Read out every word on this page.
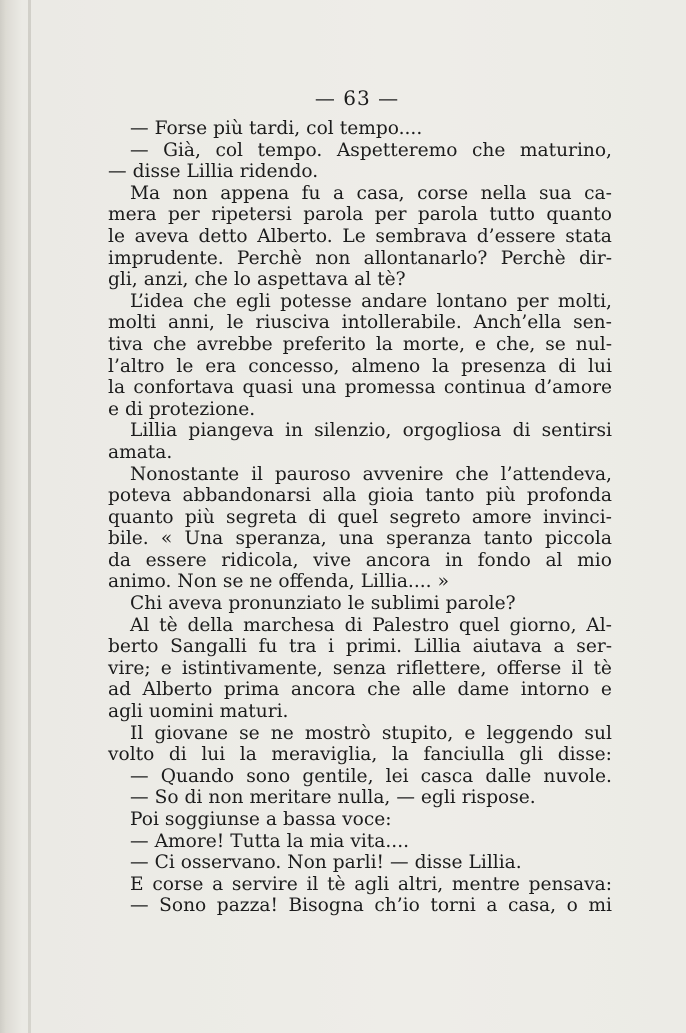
— 63 —
— Forse più tardi, col tempo....
— Già, col tempo. Aspetteremo che maturino,
— disse Lillia ridendo.
Ma non appena fu a casa, corse nella sua ca-
mera per ripetersi parola per parola tutto quanto
le aveva detto Alberto. Le sembrava d’essere stata
imprudente. Perchè non allontanarlo? Perchè dir-
gli, anzi, che lo aspettava al tè?
L’idea che egli potesse andare lontano per molti,
molti anni, le riusciva intollerabile. Anch’ella sen-
tiva che avrebbe preferito la morte, e che, se nul-
l’altro le era concesso, almeno la presenza di lui
la confortava quasi una promessa continua d’amore
e di protezione.
Lillia piangeva in silenzio, orgogliosa di sentirsi
amata.
Nonostante il pauroso avvenire che l’attendeva,
poteva abbandonarsi alla gioia tanto più profonda
quanto più segreta di quel segreto amore invinci-
bile. « Una speranza, una speranza tanto piccola
da essere ridicola, vive ancora in fondo al mio
animo. Non se ne offenda, Lillia.... »
Chi aveva pronunziato le sublimi parole?
Al tè della marchesa di Palestro quel giorno, Al-
berto Sangalli fu tra i primi. Lillia aiutava a ser-
vire; e istintivamente, senza riflettere, offerse il tè
ad Alberto prima ancora che alle dame intorno e
agli uomini maturi.
Il giovane se ne mostrò stupito, e leggendo sul
volto di lui la meraviglia, la fanciulla gli disse:
— Quando sono gentile, lei casca dalle nuvole.
— So di non meritare nulla, — egli rispose.
Poi soggiunse a bassa voce:
— Amore! Tutta la mia vita....
— Ci osservano. Non parli! — disse Lillia.
E corse a servire il tè agli altri, mentre pensava:
— Sono pazza! Bisogna ch’io torni a casa, o mi
